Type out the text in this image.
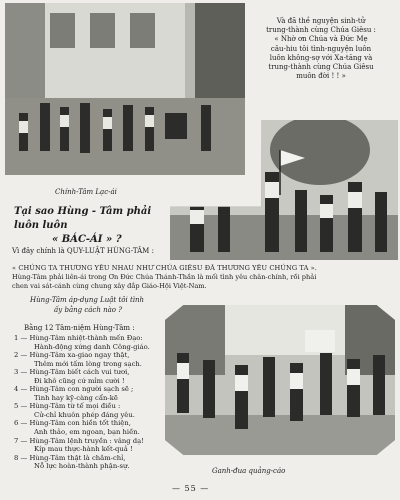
Và đã thề nguyện sinh-tử
trung-thành cùng Chúa Giêsu :
« Nhờ ơn Chúa và Đức Mẹ
câu-hiu tôi tình-nguyện luôn
luôn không-sợ với Xa-tăng và
trung-thành cùng Chúa Giêsu
muôn đời ! ! »
Chính-Tâm Lạc-ái
Tại sao Hùng - Tâm phải luôn luôn
« BÁC-ÁI » ?
Vì đây chính là QUY-LUẬT HÙNG-TÂM :
« CHÚNG TA THƯƠNG YÊU NHAU NHƯ CHÚA GIÊSU ĐÃ THƯƠNG YÊU CHÚNG TA ».
Hùng-Tâm phải liên-ái trong Ơn Đức Chúa Thánh-Thần là mối tình yêu chân-chính, rồi phải
chen vai sát-cánh cùng chung xây đắp Giáo-Hội Việt-Nam.
Hùng-Tâm áp-dụng Luật tôi tình
ấy bằng cách nào ?
Bằng 12 Tâm-niệm Hùng-Tâm :
1 — Hùng-Tâm nhiệt-thành mến Đạo:
Hành-động xứng danh Công-giáo.
2 — Hùng-Tâm xa-giao ngay thật,
Thêm mới tấm lòng trong sạch.
3 — Hùng-Tâm biết cách vui tươi,
Đi khô cũng cứ mỉm cười !
4 — Hùng-Tâm con người sạch sẽ ;
Tinh hay kỹ-càng cẩn-kẽ
5 — Hùng-Tâm từ tế mọi điều :
Cử-chỉ khuôn phép đáng yêu.
6 — Hùng-Tâm con hiền tốt thiện,
Anh thảo, em ngoan, bạn hiền.
7 — Hùng-Tâm lệnh truyền : vâng dạ!
Kíp mau thực-hành kết-quả !
8 — Hùng-Tâm thật là chăm-chỉ,
Nỗ lực hoàn-thành phận-sự.
Ganh-đua quảng-cáo
— 55 —
